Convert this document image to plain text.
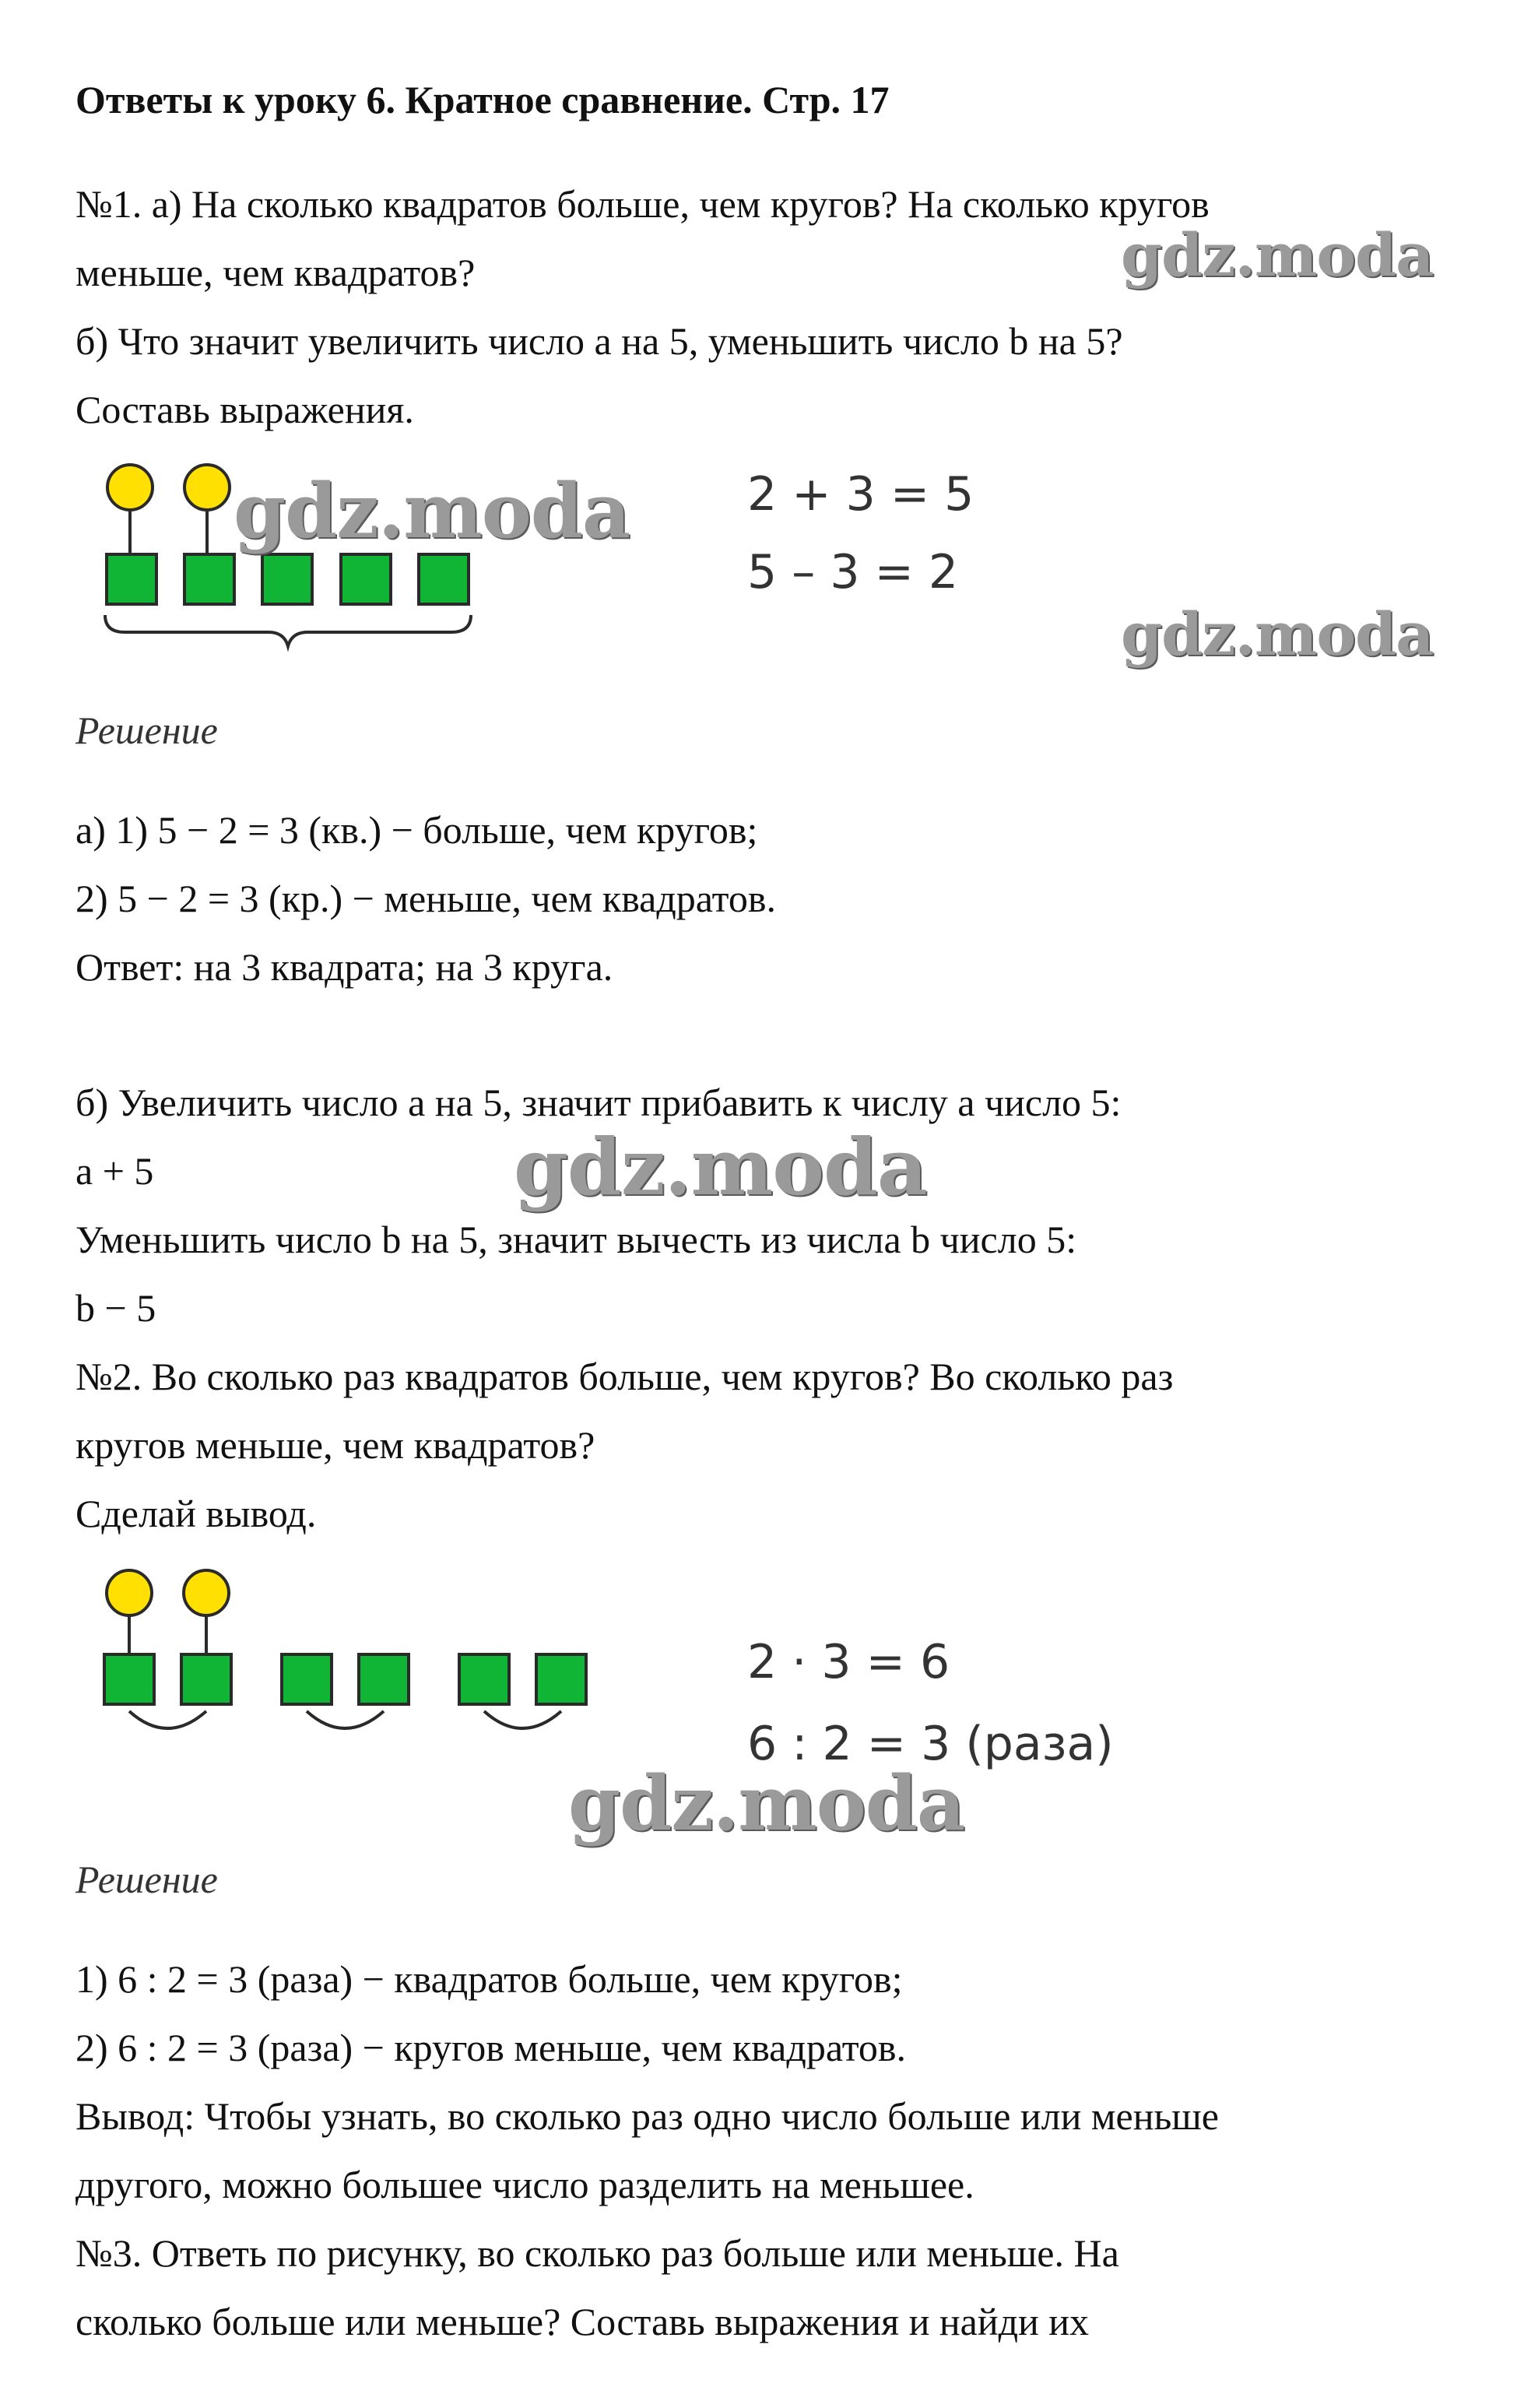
Ответы к уроку 6. Кратное сравнение. Стр. 17
№1. а) На сколько квадратов больше, чем кругов? На сколько кругов
меньше, чем квадратов?	gdz.moda
б) Что значит увеличить число а на 5, уменьшить число b на 5?
Составь выражения.
gdz.moda	2 + 3 = 5
5 – 3 = 2
gdz.moda
Решение
а) 1) 5 − 2 = 3 (кв.) − больше, чем кругов;
2) 5 − 2 = 3 (кр.) − меньше, чем квадратов.
Ответ: на 3 квадрата; на 3 круга.
б) Увеличить число а на 5, значит прибавить к числу а число 5:
a + 5	gdz.moda
Уменьшить число b на 5, значит вычесть из числа b число 5:
b − 5
№2. Во сколько раз квадратов больше, чем кругов? Во сколько раз
кругов меньше, чем квадратов?
Сделай вывод.
2 · 3 = 6
6 : 2 = 3 (раза)
gdz.moda
Решение
1) 6 : 2 = 3 (раза) − квадратов больше, чем кругов;
2) 6 : 2 = 3 (раза) − кругов меньше, чем квадратов.
Вывод: Чтобы узнать, во сколько раз одно число больше или меньше
другого, можно большее число разделить на меньшее.
№3. Ответь по рисунку, во сколько раз больше или меньше. На
сколько больше или меньше? Составь выражения и найди их
